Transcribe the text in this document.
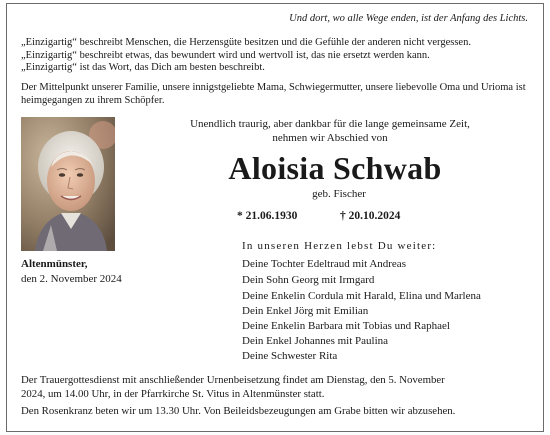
Und dort, wo alle Wege enden, ist der Anfang des Lichts.
„Einzigartig“ beschreibt Menschen, die Herzensgüte besitzen und die Gefühle der anderen nicht vergessen.
„Einzigartig“ beschreibt etwas, das bewundert wird und wertvoll ist, das nie ersetzt werden kann.
„Einzigartig“ ist das Wort, das Dich am besten beschreibt.
Der Mittelpunkt unserer Familie, unsere innigstgeliebte Mama, Schwiegermutter, unsere liebevolle Oma und Urioma ist heimgegangen zu ihrem Schöpfer.
Unendlich traurig, aber dankbar für die lange gemeinsame Zeit,
nehmen wir Abschied von
Aloisia Schwab
geb. Fischer
* 21.06.1930	† 20.10.2024
Altenmünster,
den 2. November 2024
In unseren Herzen lebst Du weiter:
Deine Tochter Edeltraud mit Andreas
Dein Sohn Georg mit Irmgard
Deine Enkelin Cordula mit Harald, Elina und Marlena
Dein Enkel Jörg mit Emilian
Deine Enkelin Barbara mit Tobias und Raphael
Dein Enkel Johannes mit Paulina
Deine Schwester Rita
Der Trauergottesdienst mit anschließender Urnenbeisetzung findet am Dienstag, den 5. November
2024, um 14.00 Uhr, in der Pfarrkirche St. Vitus in Altenmünster statt.
Den Rosenkranz beten wir um 13.30 Uhr. Von Beileidsbezeugungen am Grabe bitten wir abzusehen.
